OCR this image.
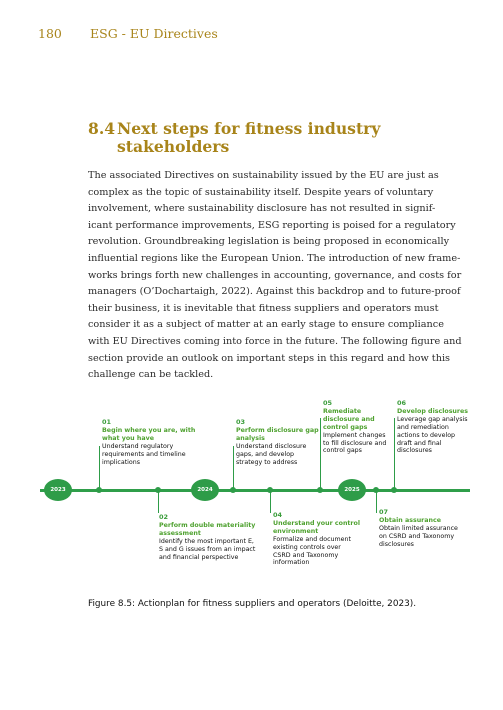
180 ESG - EU Directives
8.4 Next steps for fitness industry
stakeholders
The associated Directives on sustainability issued by the EU are just as
complex as the topic of sustainability itself. Despite years of voluntary
involvement, where sustainability disclosure has not resulted in signif-
icant performance improvements, ESG reporting is poised for a regulatory
revolution. Groundbreaking legislation is being proposed in economically
influential regions like the European Union. The introduction of new frame-
works brings forth new challenges in accounting, governance, and costs for
managers (O’Dochartaigh, 2022). Against this backdrop and to future-proof
their business, it is inevitable that fitness suppliers and operators must
consider it as a subject of matter at an early stage to ensure compliance
with EU Directives coming into force in the future. The following figure and
section provide an outlook on important steps in this regard and how this
challenge can be tackled.
2023	2024	2025
01
Begin where you are, with
what you have
Understand regulatory
requirements and timeline
implications
03
Perform disclosure gap
analysis
Understand disclosure
gaps, and develop
strategy to address
05
Remediate
disclosure and
control gaps
Implement changes
to fill disclosure and
control gaps
06
Develop disclosures
Leverage gap analysis
and remediation
actions to develop
draft and final
disclosures
02
Perform double materiality
assessment
Identify the most important E,
S and G issues from an impact
and financial perspective
04
Understand your control
environment
Formalize and document
existing controls over
CSRD and Taxonomy
information
07
Obtain assurance
Obtain limited assurance
on CSRD and Taxonomy
disclosures
Figure 8.5: Actionplan for fitness suppliers and operators (Deloitte, 2023).
